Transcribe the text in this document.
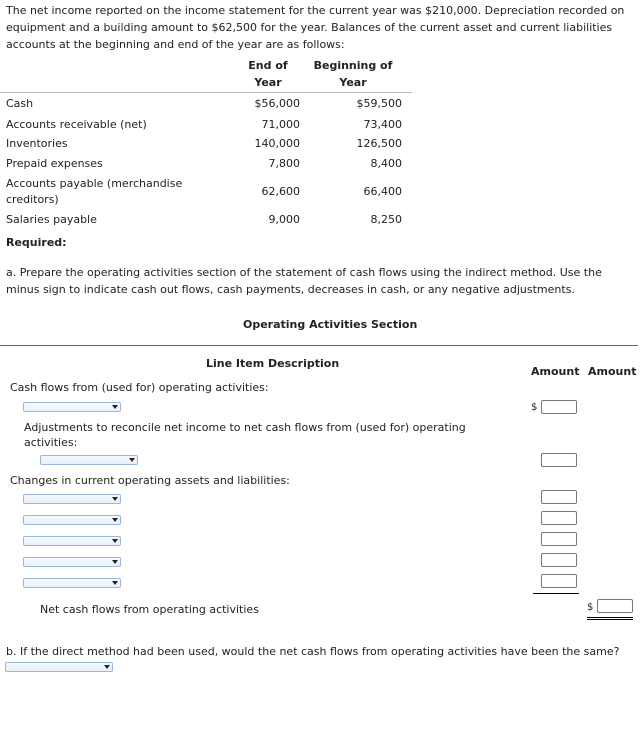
The net income reported on the income statement for the current year was $210,000. Depreciation recorded on equipment and a building amount to $62,500 for the year. Balances of the current asset and current liabilities accounts at the beginning and end of the year are as follows:
End of
Year
Beginning of
Year
Cash	$56,000	$59,500
Accounts receivable (net)	71,000	73,400
Inventories	140,000	126,500
Prepaid expenses	7,800	8,400
Accounts payable (merchandise
creditors)
62,600	66,400
Salaries payable	9,000	8,250
Required:
a. Prepare the operating activities section of the statement of cash flows using the indirect method. Use the minus sign to indicate cash out flows, cash payments, decreases in cash, or any negative adjustments.
Operating Activities Section
Line Item Description
Amount Amount
Cash flows from (used for) operating activities:
$
Adjustments to reconcile net income to net cash flows from (used for) operating activities:
Changes in current operating assets and liabilities:
Net cash flows from operating activities	$
b. If the direct method had been used, would the net cash flows from operating activities have been the same?
